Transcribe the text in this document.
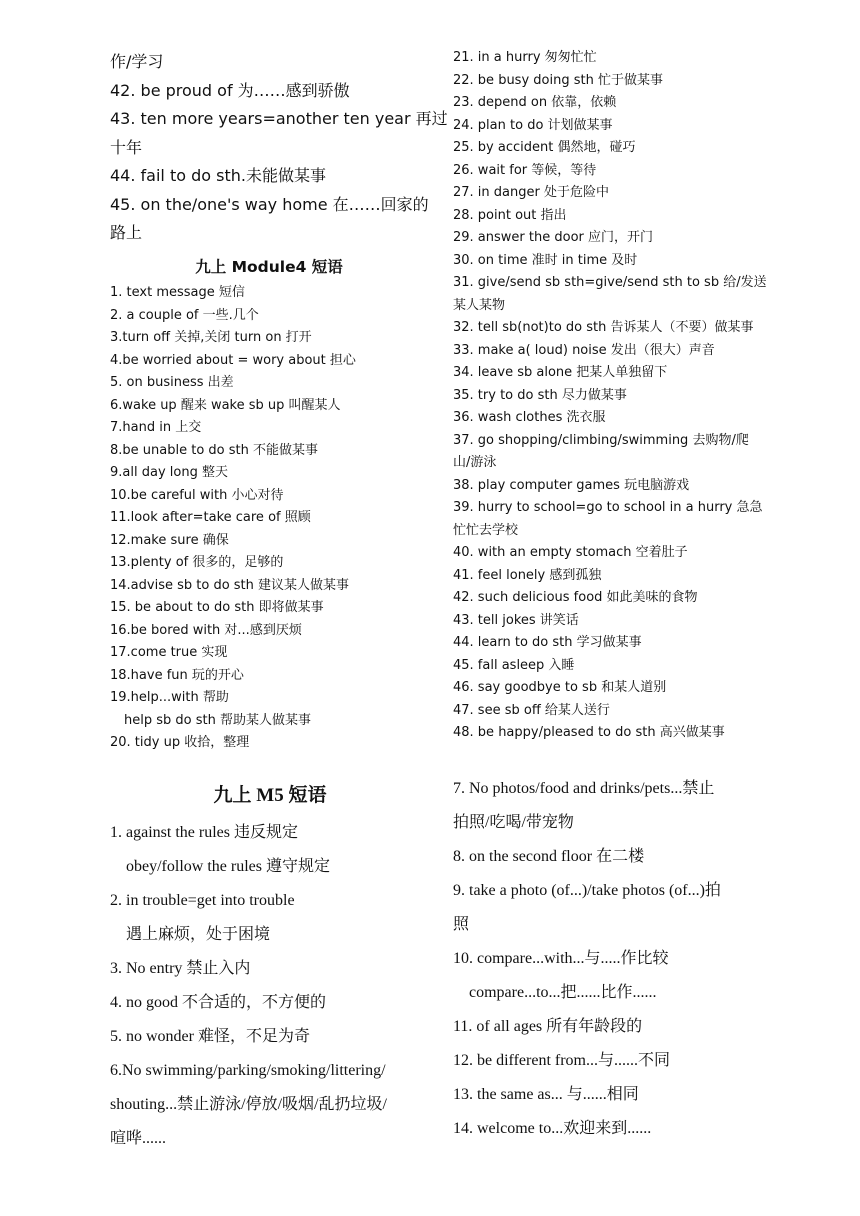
作/学习
42. be proud of 为……感到骄傲
43. ten more years=another ten year 再过
十年
44. fail to do sth.未能做某事
45. on the/one's way home 在……回家的
路上
九上 Module4 短语
1. text message 短信
2. a couple of 一些.几个
3.turn off 关掉,关闭 turn on 打开
4.be worried about = wory about 担心
5. on business 出差
6.wake up 醒来 wake sb up 叫醒某人
7.hand in 上交
8.be unable to do sth 不能做某事
9.all day long 整天
10.be careful with 小心对待
11.look after=take care of 照顾
12.make sure 确保
13.plenty of 很多的，足够的
14.advise sb to do sth 建议某人做某事
15. be about to do sth 即将做某事
16.be bored with 对...感到厌烦
17.come true 实现
18.have fun 玩的开心
19.help...with 帮助
help sb do sth 帮助某人做某事
20. tidy up 收拾，整理
21. in a hurry 匆匆忙忙
22. be busy doing sth 忙于做某事
23. depend on 依靠，依赖
24. plan to do 计划做某事
25. by accident 偶然地，碰巧
26. wait for 等候，等待
27. in danger 处于危险中
28. point out 指出
29. answer the door 应门，开门
30. on time 准时 in time 及时
31. give/send sb sth=give/send sth to sb 给/发送
某人某物
32. tell sb(not)to do sth 告诉某人（不要）做某事
33. make a( loud) noise 发出（很大）声音
34. leave sb alone 把某人单独留下
35. try to do sth 尽力做某事
36. wash clothes 洗衣服
37. go shopping/climbing/swimming 去购物/爬
山/游泳
38. play computer games 玩电脑游戏
39. hurry to school=go to school in a hurry 急急
忙忙去学校
40. with an empty stomach 空着肚子
41. feel lonely 感到孤独
42. such delicious food 如此美味的食物
43. tell jokes 讲笑话
44. learn to do sth 学习做某事
45. fall asleep 入睡
46. say goodbye to sb 和某人道别
47. see sb off 给某人送行
48. be happy/pleased to do sth 高兴做某事
九上 M5 短语
1. against the rules 违反规定
obey/follow the rules 遵守规定
2. in trouble=get into trouble
遇上麻烦，处于困境
3. No entry 禁止入内
4. no good 不合适的，不方便的
5. no wonder 难怪，不足为奇
6.No swimming/parking/smoking/littering/
shouting...禁止游泳/停放/吸烟/乱扔垃圾/
喧哗......
7. No photos/food and drinks/pets...禁止
拍照/吃喝/带宠物
8. on the second floor 在二楼
9. take a photo (of...)/take photos (of...)拍
照
10. compare...with...与.....作比较
compare...to...把......比作......
11. of all ages 所有年龄段的
12. be different from...与......不同
13. the same as... 与......相同
14. welcome to...欢迎来到......
